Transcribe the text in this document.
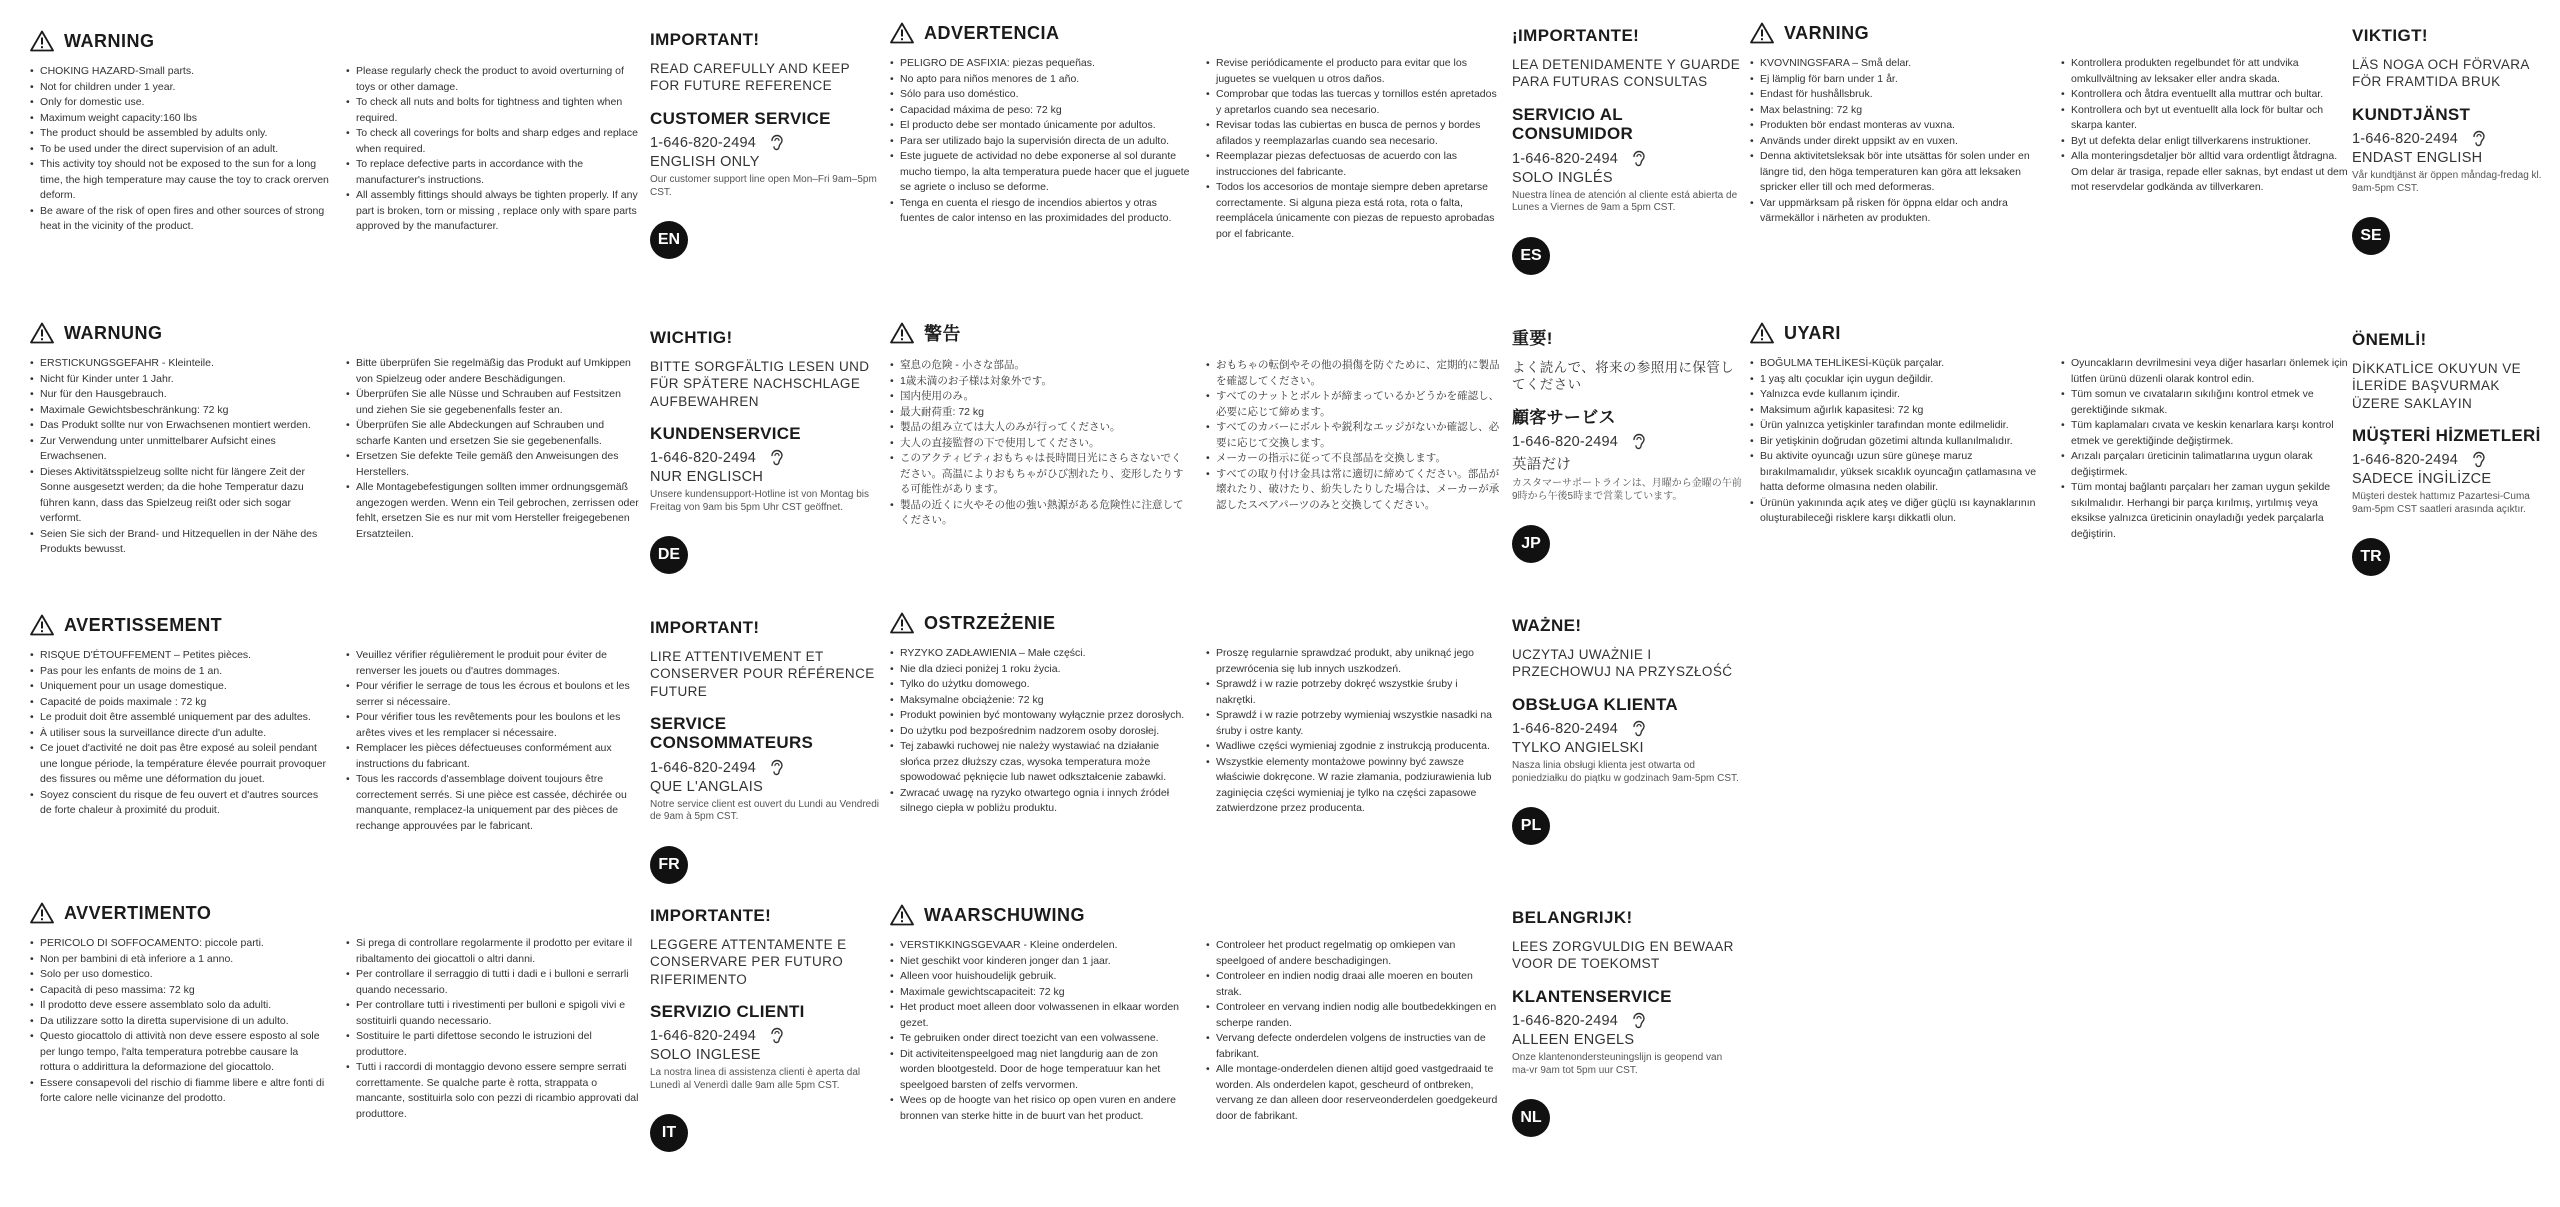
WARNING
• CHOKING HAZARD-Small parts.
• Not for children under 1 year.
• Only for domestic use.
• Maximum weight capacity:160 lbs
• The product should be assembled by adults only.
• To be used under the direct supervision of an adult.
• This activity toy should not be exposed to the sun for a long time, the high temperature may cause the toy to crack orerven deform.
• Be aware of the risk of open fires and other sources of strong heat in the vicinity of the product.
• Please regularly check the product to avoid overturning of toys or other damage.
• To check all nuts and bolts for tightness and tighten when required.
• To check all coverings for bolts and sharp edges and replace when required.
• To replace defective parts in accordance with the manufacturer's instructions.
• All assembly fittings should always be tighten properly. If any part is broken, torn or missing , replace only with spare parts approved by the manufacturer.
IMPORTANT!
READ CAREFULLY AND KEEP FOR FUTURE REFERENCE
CUSTOMER SERVICE
1-646-820-2494
ENGLISH ONLY
Our customer support line open Mon–Fri 9am–5pm CST.
EN
ADVERTENCIA
• PELIGRO DE ASFIXIA: piezas pequeñas.
• No apto para niños menores de 1 año.
• Sólo para uso doméstico.
• Capacidad máxima de peso: 72 kg
• El producto debe ser montado únicamente por adultos.
• Para ser utilizado bajo la supervisión directa de un adulto.
• Este juguete de actividad no debe exponerse al sol durante mucho tiempo, la alta temperatura puede hacer que el juguete se agriete o incluso se deforme.
• Tenga en cuenta el riesgo de incendios abiertos y otras fuentes de calor intenso en las proximidades del producto.
• Revise periódicamente el producto para evitar que los juguetes se vuelquen u otros daños.
• Comprobar que todas las tuercas y tornillos estén apretados y apretarlos cuando sea necesario.
• Revisar todas las cubiertas en busca de pernos y bordes afilados y reemplazarlas cuando sea necesario.
• Reemplazar piezas defectuosas de acuerdo con las instrucciones del fabricante.
• Todos los accesorios de montaje siempre deben apretarse correctamente. Si alguna pieza está rota, rota o falta, reemplácela únicamente con piezas de repuesto aprobadas por el fabricante.
¡IMPORTANTE!
LEA DETENIDAMENTE Y GUARDE PARA FUTURAS CONSULTAS
SERVICIO AL CONSUMIDOR
1-646-820-2494
SOLO INGLÉS
Nuestra línea de atención al cliente está abierta de Lunes a Viernes de 9am a 5pm CST.
ES
VARNING
• KVOVNINGSFARA – Små delar.
• Ej lämplig för barn under 1 år.
• Endast för hushållsbruk.
• Max belastning: 72 kg
• Produkten bör endast monteras av vuxna.
• Används under direkt uppsikt av en vuxen.
• Denna aktivitetsleksak bör inte utsättas för solen under en längre tid, den höga temperaturen kan göra att leksaken spricker eller till och med deformeras.
• Var uppmärksam på risken för öppna eldar och andra värmekällor i närheten av produkten.
• Kontrollera produkten regelbundet för att undvika omkullvältning av leksaker eller andra skada.
• Kontrollera och åtdra eventuellt alla muttrar och bultar.
• Kontrollera och byt ut eventuellt alla lock för bultar och skarpa kanter.
• Byt ut defekta delar enligt tillverkarens instruktioner.
• Alla monteringsdetaljer bör alltid vara ordentligt åtdragna. Om delar är trasiga, repade eller saknas, byt endast ut dem mot reservdelar godkända av tillverkaren.
VIKTIGT!
LÄS NOGA OCH FÖRVARA FÖR FRAMTIDA BRUK
KUNDTJÄNST
1-646-820-2494
ENDAST ENGLISH
Vår kundtjänst är öppen måndag-fredag kl. 9am-5pm CST.
SE
WARNUNG
• ERSTICKUNGSGEFAHR - Kleinteile.
• Nicht für Kinder unter 1 Jahr.
• Nur für den Hausgebrauch.
• Maximale Gewichtsbeschränkung: 72 kg
• Das Produkt sollte nur von Erwachsenen montiert werden.
• Zur Verwendung unter unmittelbarer Aufsicht eines Erwachsenen.
• Dieses Aktivitätsspielzeug sollte nicht für längere Zeit der Sonne ausgesetzt werden; da die hohe Temperatur dazu führen kann, dass das Spielzeug reißt oder sich sogar verformt.
• Seien Sie sich der Brand- und Hitzequellen in der Nähe des Produkts bewusst.
• Bitte überprüfen Sie regelmäßig das Produkt auf Umkippen von Spielzeug oder andere Beschädigungen.
• Überprüfen Sie alle Nüsse und Schrauben auf Festsitzen und ziehen Sie sie gegebenenfalls fester an.
• Überprüfen Sie alle Abdeckungen auf Schrauben und scharfe Kanten und ersetzen Sie sie gegebenenfalls.
• Ersetzen Sie defekte Teile gemäß den Anweisungen des Herstellers.
• Alle Montagebefestigungen sollten immer ordnungsgemäß angezogen werden. Wenn ein Teil gebrochen, zerrissen oder fehlt, ersetzen Sie es nur mit vom Hersteller freigegebenen Ersatzteilen.
WICHTIG!
BITTE SORGFÄLTIG LESEN UND FÜR SPÄTERE NACHSCHLAGE AUFBEWAHREN
KUNDENSERVICE
1-646-820-2494
NUR ENGLISCH
Unsere kundensupport-Hotline ist von Montag bis Freitag von 9am bis 5pm Uhr CST geöffnet.
DE
警告
• 窒息の危険 - 小さな部品。
• 1歳未満のお子様は対象外です。
• 国内使用のみ。
• 最大耐荷重: 72 kg
• 製品の組み立ては大人のみが行ってください。
• 大人の直接監督の下で使用してください。
• このアクティビティおもちゃは長時間日光にさらさないでください。高温によりおもちゃがひび割れたり、変形したりする可能性があります。
• 製品の近くに火やその他の強い熱源がある危険性に注意してください。
• おもちゃの転倒やその他の損傷を防ぐために、定期的に製品を確認してください。
• すべてのナットとボルトが締まっているかどうかを確認し、必要に応じて締めます。
• すべてのカバーにボルトや鋭利なエッジがないか確認し、必要に応じて交換します。
• メーカーの指示に従って不良部品を交換します。
• すべての取り付け金具は常に適切に締めてください。部品が壊れたり、破けたり、紛失したりした場合は、メーカーが承認したスペアパーツのみと交換してください。
重要!
よく読んで、将来の参照用に保管してください
顧客サービス
1-646-820-2494
英語だけ
カスタマーサポートラインは、月曜から金曜の午前9時から午後5時まで営業しています。
JP
UYARI
• BOĞULMA TEHLİKESİ-Küçük parçalar.
• 1 yaş altı çocuklar için uygun değildir.
• Yalnızca evde kullanım içindir.
• Maksimum ağırlık kapasitesi: 72 kg
• Ürün yalnızca yetişkinler tarafından monte edilmelidir.
• Bir yetişkinin doğrudan gözetimi altında kullanılmalıdır.
• Bu aktivite oyuncağı uzun süre güneşe maruz bırakılmamalıdır, yüksek sıcaklık oyuncağın çatlamasına ve hatta deforme olmasına neden olabilir.
• Ürünün yakınında açık ateş ve diğer güçlü ısı kaynaklarının oluşturabileceği risklere karşı dikkatli olun.
• Oyuncakların devrilmesini veya diğer hasarları önlemek için lütfen ürünü düzenli olarak kontrol edin.
• Tüm somun ve cıvataların sıkılığını kontrol etmek ve gerektiğinde sıkmak.
• Tüm kaplamaları cıvata ve keskin kenarlara karşı kontrol etmek ve gerektiğinde değiştirmek.
• Arızalı parçaları üreticinin talimatlarına uygun olarak değiştirmek.
• Tüm montaj bağlantı parçaları her zaman uygun şekilde sıkılmalıdır. Herhangi bir parça kırılmış, yırtılmış veya eksikse yalnızca üreticinin onayladığı yedek parçalarla değiştirin.
ÖNEMLİ!
DİKKATLİCE OKUYUN VE İLERİDE BAŞVURMAK ÜZERE SAKLAYIN
MÜŞTERİ HİZMETLERİ
1-646-820-2494
SADECE İNGİLİZCE
Müşteri destek hattımız Pazartesi-Cuma 9am-5pm CST saatleri arasında açıktır.
TR
AVERTISSEMENT
• RISQUE D'ÉTOUFFEMENT – Petites pièces.
• Pas pour les enfants de moins de 1 an.
• Uniquement pour un usage domestique.
• Capacité de poids maximale : 72 kg
• Le produit doit être assemblé uniquement par des adultes.
• À utiliser sous la surveillance directe d'un adulte.
• Ce jouet d'activité ne doit pas être exposé au soleil pendant une longue période, la température élevée pourrait provoquer des fissures ou même une déformation du jouet.
• Soyez conscient du risque de feu ouvert et d'autres sources de forte chaleur à proximité du produit.
• Veuillez vérifier régulièrement le produit pour éviter de renverser les jouets ou d'autres dommages.
• Pour vérifier le serrage de tous les écrous et boulons et les serrer si nécessaire.
• Pour vérifier tous les revêtements pour les boulons et les arêtes vives et les remplacer si nécessaire.
• Remplacer les pièces défectueuses conformément aux instructions du fabricant.
• Tous les raccords d'assemblage doivent toujours être correctement serrés. Si une pièce est cassée, déchirée ou manquante, remplacez-la uniquement par des pièces de rechange approuvées par le fabricant.
IMPORTANT!
LIRE ATTENTIVEMENT ET CONSERVER POUR RÉFÉRENCE FUTURE
SERVICE CONSOMMATEURS
1-646-820-2494
QUE L'ANGLAIS
Notre service client est ouvert du Lundi au Vendredi de 9am à 5pm CST.
FR
OSTRZEŻENIE
• RYZYKO ZADŁAWIENIA – Małe części.
• Nie dla dzieci poniżej 1 roku życia.
• Tylko do użytku domowego.
• Maksymalne obciążenie: 72 kg
• Produkt powinien być montowany wyłącznie przez dorosłych.
• Do użytku pod bezpośrednim nadzorem osoby dorosłej.
• Tej zabawki ruchowej nie należy wystawiać na działanie słońca przez dłuższy czas, wysoka temperatura może spowodować pęknięcie lub nawet odkształcenie zabawki.
• Zwracać uwagę na ryzyko otwartego ognia i innych źródeł silnego ciepła w pobliżu produktu.
• Proszę regularnie sprawdzać produkt, aby uniknąć jego przewrócenia się lub innych uszkodzeń.
• Sprawdź i w razie potrzeby dokręć wszystkie śruby i nakrętki.
• Sprawdź i w razie potrzeby wymieniaj wszystkie nasadki na śruby i ostre kanty.
• Wadliwe części wymieniaj zgodnie z instrukcją producenta.
• Wszystkie elementy montażowe powinny być zawsze właściwie dokręcone. W razie złamania, podziurawienia lub zaginięcia części wymieniaj je tylko na części zapasowe zatwierdzone przez producenta.
WAŻNE!
UCZYTAJ UWAŻNIE I PRZECHOWUJ NA PRZYSZŁOŚĆ
OBSŁUGA KLIENTA
1-646-820-2494
TYLKO ANGIELSKI
Nasza linia obsługi klienta jest otwarta od poniedziałku do piątku w godzinach 9am-5pm CST.
PL
AVVERTIMENTO
• PERICOLO DI SOFFOCAMENTO: piccole parti.
• Non per bambini di età inferiore a 1 anno.
• Solo per uso domestico.
• Capacità di peso massima: 72 kg
• Il prodotto deve essere assemblato solo da adulti.
• Da utilizzare sotto la diretta supervisione di un adulto.
• Questo giocattolo di attività non deve essere esposto al sole per lungo tempo, l'alta temperatura potrebbe causare la rottura o addirittura la deformazione del giocattolo.
• Essere consapevoli del rischio di fiamme libere e altre fonti di forte calore nelle vicinanze del prodotto.
• Si prega di controllare regolarmente il prodotto per evitare il ribaltamento dei giocattoli o altri danni.
• Per controllare il serraggio di tutti i dadi e i bulloni e serrarli quando necessario.
• Per controllare tutti i rivestimenti per bulloni e spigoli vivi e sostituirli quando necessario.
• Sostituire le parti difettose secondo le istruzioni del produttore.
• Tutti i raccordi di montaggio devono essere sempre serrati correttamente. Se qualche parte è rotta, strappata o mancante, sostituirla solo con pezzi di ricambio approvati dal produttore.
IMPORTANTE!
LEGGERE ATTENTAMENTE E CONSERVARE PER FUTURO RIFERIMENTO
SERVIZIO CLIENTI
1-646-820-2494
SOLO INGLESE
La nostra linea di assistenza clienti è aperta dal Lunedì al Venerdì dalle 9am alle 5pm CST.
IT
WAARSCHUWING
• VERSTIKKINGSGEVAAR - Kleine onderdelen.
• Niet geschikt voor kinderen jonger dan 1 jaar.
• Alleen voor huishoudelijk gebruik.
• Maximale gewichtscapaciteit: 72 kg
• Het product moet alleen door volwassenen in elkaar worden gezet.
• Te gebruiken onder direct toezicht van een volwassene.
• Dit activiteitenspeelgoed mag niet langdurig aan de zon worden blootgesteld. Door de hoge temperatuur kan het speelgoed barsten of zelfs vervormen.
• Wees op de hoogte van het risico op open vuren en andere bronnen van sterke hitte in de buurt van het product.
• Controleer het product regelmatig op omkiepen van speelgoed of andere beschadigingen.
• Controleer en indien nodig draai alle moeren en bouten strak.
• Controleer en vervang indien nodig alle boutbedekkingen en scherpe randen.
• Vervang defecte onderdelen volgens de instructies van de fabrikant.
• Alle montage-onderdelen dienen altijd goed vastgedraaid te worden. Als onderdelen kapot, gescheurd of ontbreken, vervang ze dan alleen door reserveonderdelen goedgekeurd door de fabrikant.
BELANGRIJK!
LEES ZORGVULDIG EN BEWAAR VOOR DE TOEKOMST
KLANTENSERVICE
1-646-820-2494
ALLEEN ENGELS
Onze klantenondersteuningslijn is geopend van ma-vr 9am tot 5pm uur CST.
NL
